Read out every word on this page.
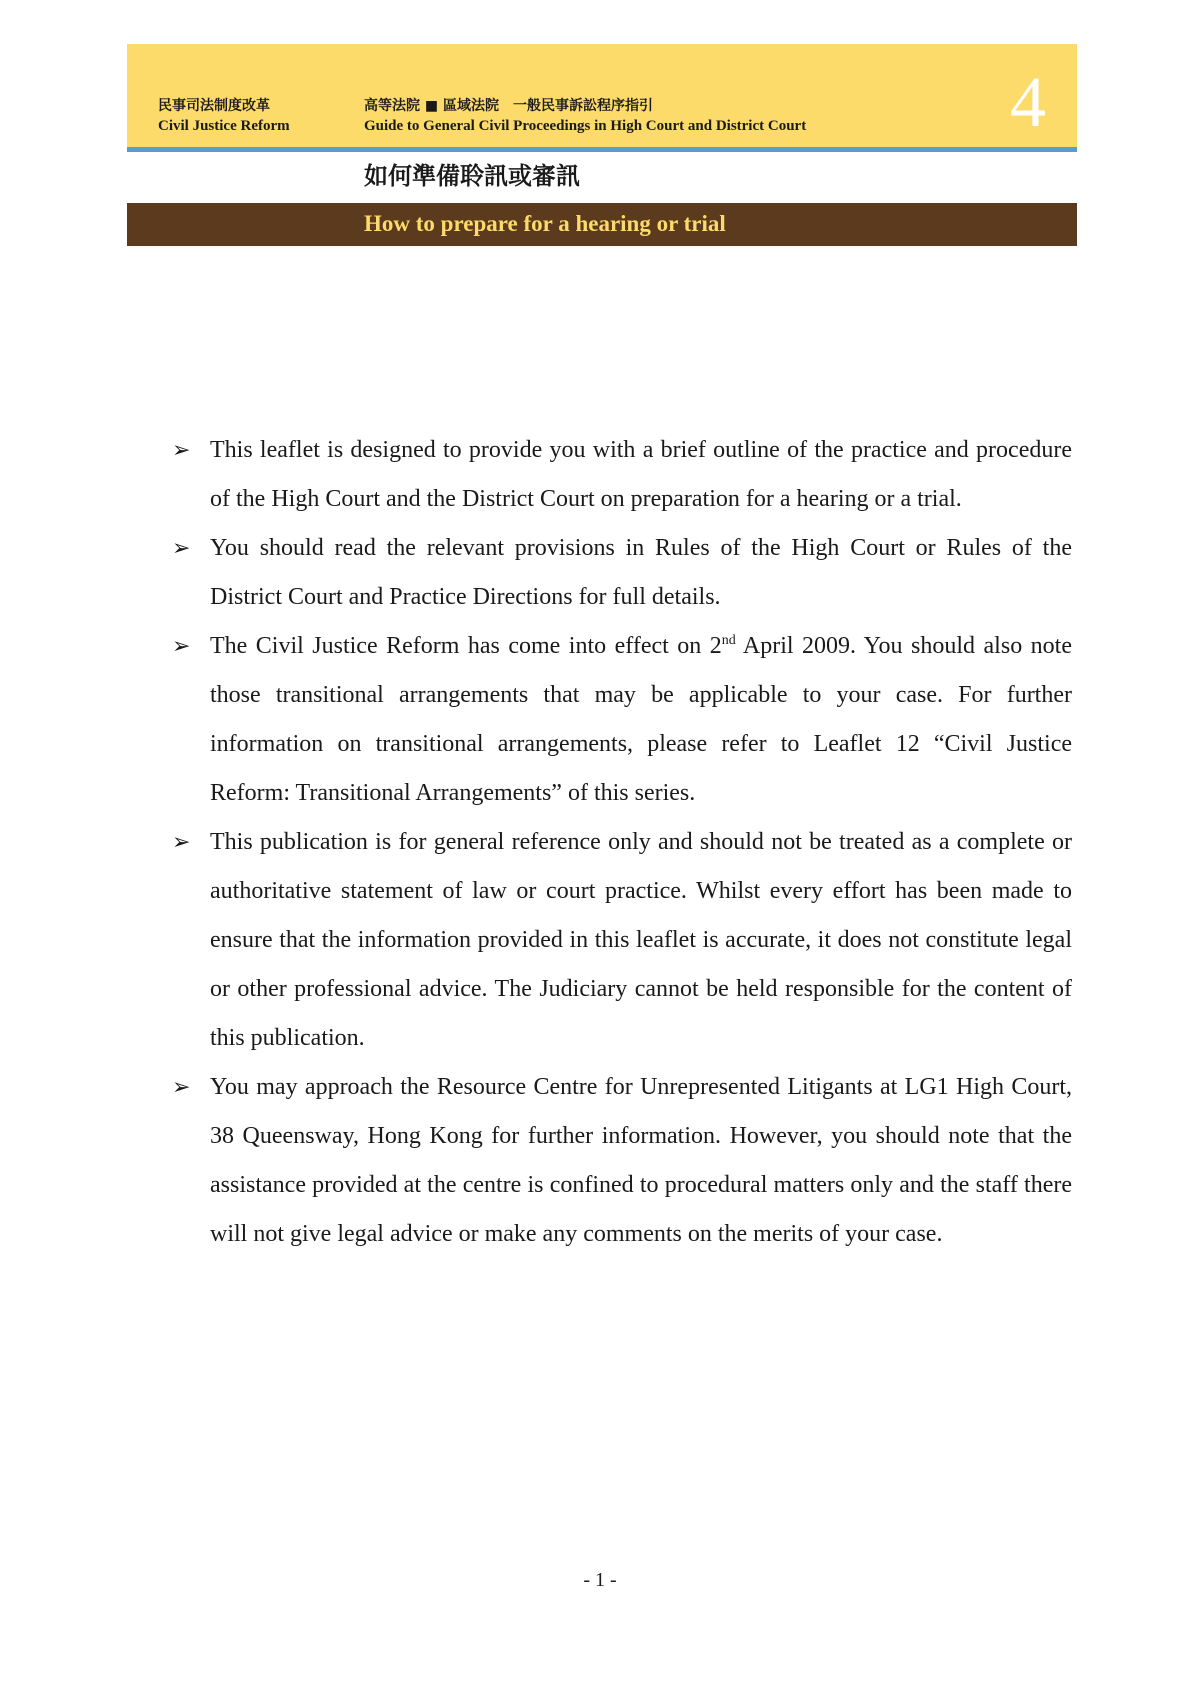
民事司法制度改革
Civil Justice Reform
高等法院 ■ 區域法院　一般民事訴訟程序指引
Guide to General Civil Proceedings in High Court and District Court	4
如何準備聆訊或審訊
How to prepare for a hearing or trial
➢ This leaflet is designed to provide you with a brief outline of the practice and procedure of the High Court and the District Court on preparation for a hearing or a trial.
➢ You should read the relevant provisions in Rules of the High Court or Rules of the District Court and Practice Directions for full details.
➢ The Civil Justice Reform has come into effect on 2nd April 2009. You should also note those transitional arrangements that may be applicable to your case. For further information on transitional arrangements, please refer to Leaflet 12 “Civil Justice Reform: Transitional Arrangements” of this series.
➢ This publication is for general reference only and should not be treated as a complete or authoritative statement of law or court practice. Whilst every effort has been made to ensure that the information provided in this leaflet is accurate, it does not constitute legal or other professional advice. The Judiciary cannot be held responsible for the content of this publication.
➢ You may approach the Resource Centre for Unrepresented Litigants at LG1 High Court, 38 Queensway, Hong Kong for further information. However, you should note that the assistance provided at the centre is confined to procedural matters only and the staff there will not give legal advice or make any comments on the merits of your case.
- 1 -
